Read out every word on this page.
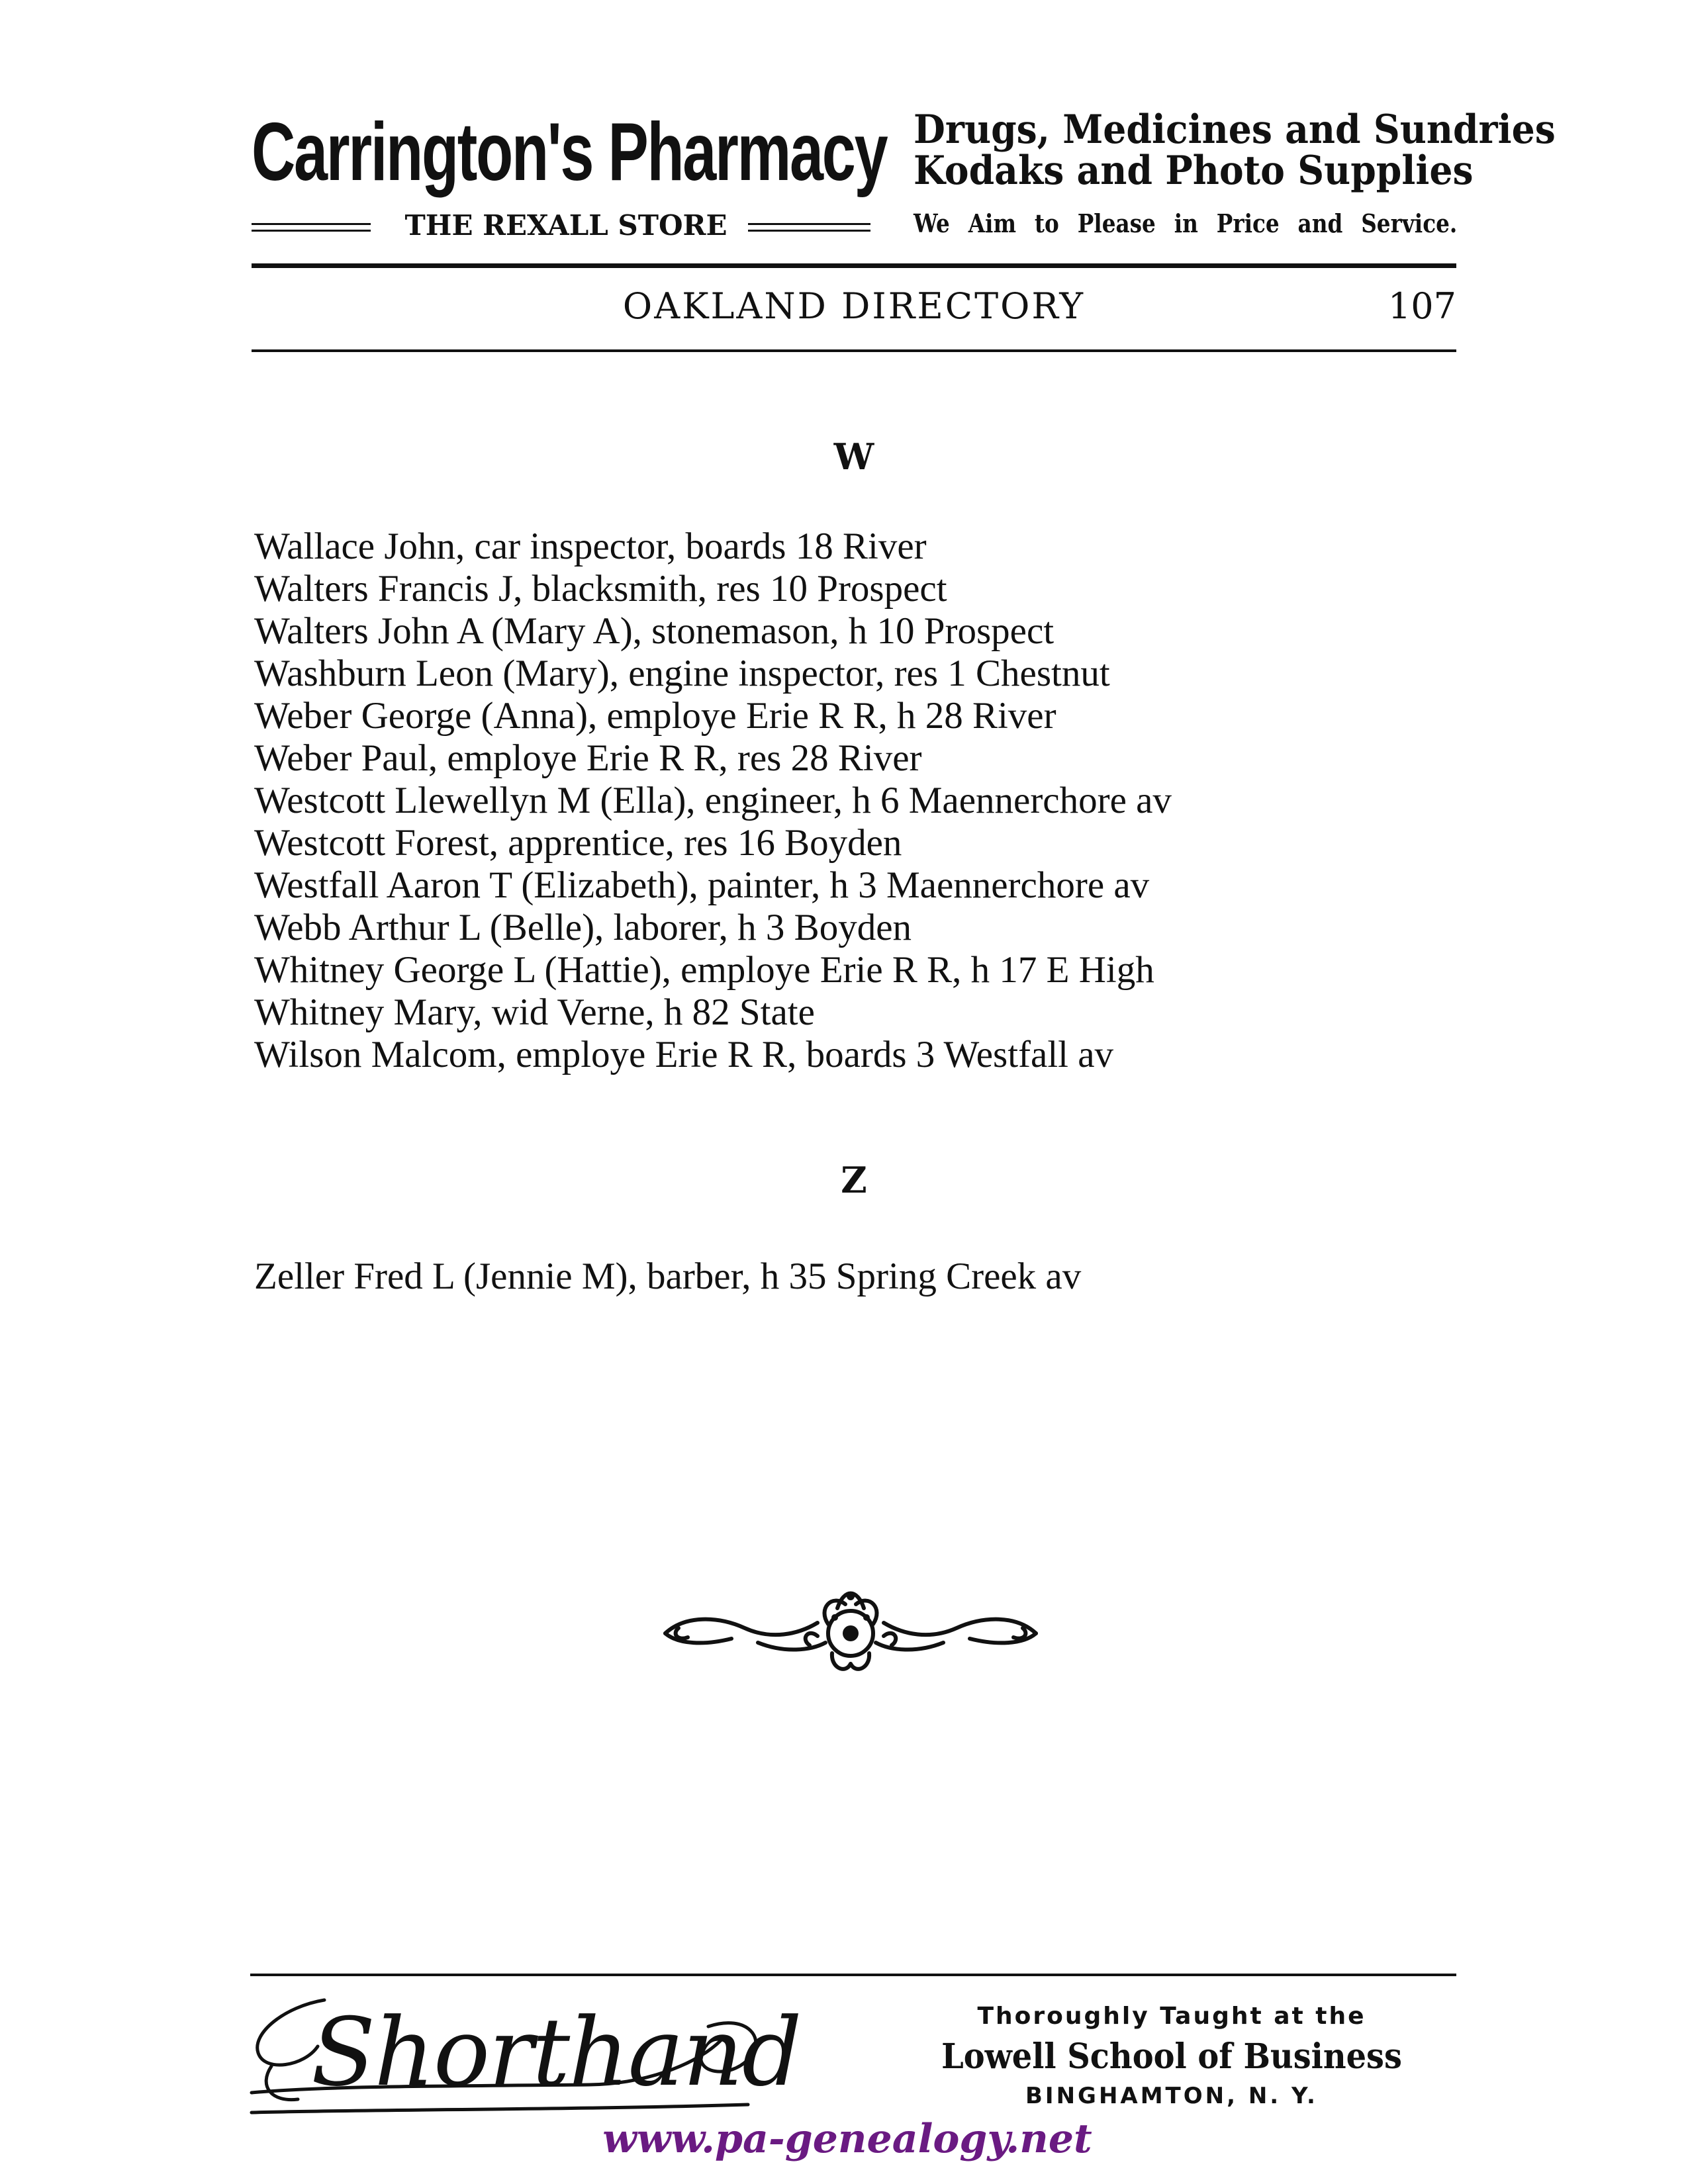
Carrington's Pharmacy
THE REXALL STORE
Drugs, Medicines and Sundries
Kodaks and Photo Supplies
We Aim to Please in Price and Service.
OAKLAND DIRECTORY	107
W
Wallace John, car inspector, boards 18 River
Walters Francis J, blacksmith, res 10 Prospect
Walters John A (Mary A), stonemason, h 10 Prospect
Washburn Leon (Mary), engine inspector, res 1 Chestnut
Weber George (Anna), employe Erie R R, h 28 River
Weber Paul, employe Erie R R, res 28 River
Westcott Llewellyn M (Ella), engineer, h 6 Maennerchore av
Westcott Forest, apprentice, res 16 Boyden
Westfall Aaron T (Elizabeth), painter, h 3 Maennerchore av
Webb Arthur L (Belle), laborer, h 3 Boyden
Whitney George L (Hattie), employe Erie R R, h 17 E High
Whitney Mary, wid Verne, h 82 State
Wilson Malcom, employe Erie R R, boards 3 Westfall av
Z
Zeller Fred L (Jennie M), barber, h 35 Spring Creek av
Shorthand	Thoroughly Taught at the
Lowell School of Business
BINGHAMTON, N. Y.
www.pa-genealogy.net
